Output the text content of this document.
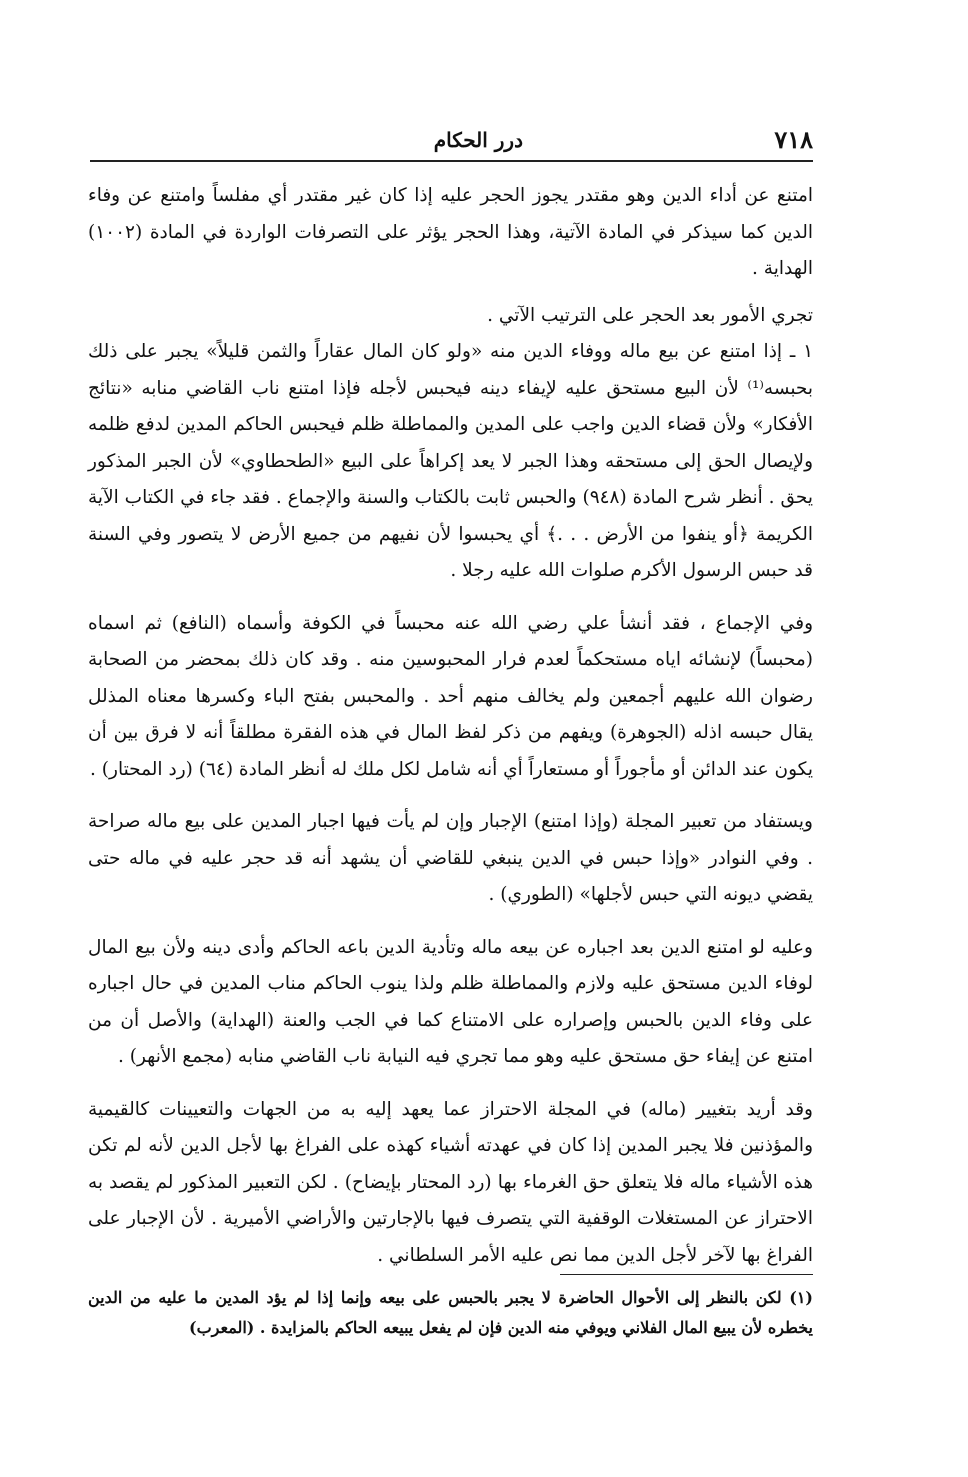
٧١٨
درر الحكام

امتنع عن أداء الدين وهو مقتدر يجوز الحجر عليه إذا كان غير مقتدر أي مفلساً وامتنع عن وفاء الدين كما سيذكر في المادة الآتية، وهذا الحجر يؤثر على التصرفات الواردة في المادة (١٠٠٢) الهداية .

تجري الأمور بعد الحجر على الترتيب الآتي .

١ ـ إذا امتنع عن بيع ماله ووفاء الدين منه «ولو كان المال عقاراً والثمن قليلاً» يجبر على ذلك بحبسه⁽¹⁾ لأن البيع مستحق عليه لإيفاء دينه فيحبس لأجله فإذا امتنع ناب القاضي منابه «نتائج الأفكار» ولأن قضاء الدين واجب على المدين والمماطلة ظلم فيحبس الحاكم المدين لدفع ظلمه ولإيصال الحق إلى مستحقه وهذا الجبر لا يعد إكراهاً على البيع «الطحطاوي» لأن الجبر المذكور يحق . أنظر شرح المادة (٩٤٨) والحبس ثابت بالكتاب والسنة والإجماع . فقد جاء في الكتاب الآية الكريمة ﴿أو ينفوا من الأرض . . .﴾ أي يحبسوا لأن نفيهم من جميع الأرض لا يتصور وفي السنة قد حبس الرسول الأكرم صلوات الله عليه رجلا .

وفي الإجماع ، فقد أنشأ علي رضي الله عنه محبساً في الكوفة وأسماه (النافع) ثم اسماه (محبساً) لإنشائه اياه مستحكماً لعدم فرار المحبوسين منه . وقد كان ذلك بمحضر من الصحابة رضوان الله عليهم أجمعين ولم يخالف منهم أحد . والمحبس بفتح الباء وكسرها معناه المذلل يقال حبسه اذله (الجوهرة) ويفهم من ذكر لفظ المال في هذه الفقرة مطلقاً أنه لا فرق بين أن يكون عند الدائن أو مأجوراً أو مستعاراً أي أنه شامل لكل ملك له أنظر المادة (٦٤) (رد المحتار) .

ويستفاد من تعبير المجلة (وإذا امتنع) الإجبار وإن لم يأت فيها اجبار المدين على بيع ماله صراحة . وفي النوادر «وإذا حبس في الدين ينبغي للقاضي أن يشهد أنه قد حجر عليه في ماله حتى يقضي ديونه التي حبس لأجلها» (الطوري) .

وعليه لو امتنع الدين بعد اجباره عن بيعه ماله وتأدية الدين باعه الحاكم وأدى دينه ولأن بيع المال لوفاء الدين مستحق عليه ولازم والمماطلة ظلم ولذا ينوب الحاكم مناب المدين في حال اجباره على وفاء الدين بالحبس وإصراره على الامتناع كما في الجب والعنة (الهداية) والأصل أن من امتنع عن إيفاء حق مستحق عليه وهو مما تجري فيه النيابة ناب القاضي منابه (مجمع الأنهر) .

وقد أريد بتغيير (ماله) في المجلة الاحتراز عما يعهد إليه به من الجهات والتعيينات كالقيمية والمؤذنين فلا يجبر المدين إذا كان في عهدته أشياء كهذه على الفراغ بها لأجل الدين لأنه لم تكن هذه الأشياء ماله فلا يتعلق حق الغرماء بها (رد المحتار بإيضاح) . لكن التعبير المذكور لم يقصد به الاحتراز عن المستغلات الوقفية التي يتصرف فيها بالإجارتين والأراضي الأميرية . لأن الإجبار على الفراغ بها لآخر لأجل الدين مما نص عليه الأمر السلطاني .

(١) لكن بالنظر إلى الأحوال الحاضرة لا يجبر بالحبس على بيعه وإنما إذا لم يؤد المدين ما عليه من الدين يخطره لأن يبيع المال الفلاني ويوفي منه الدين فإن لم يفعل يبيعه الحاكم بالمزايدة . (المعرب)
